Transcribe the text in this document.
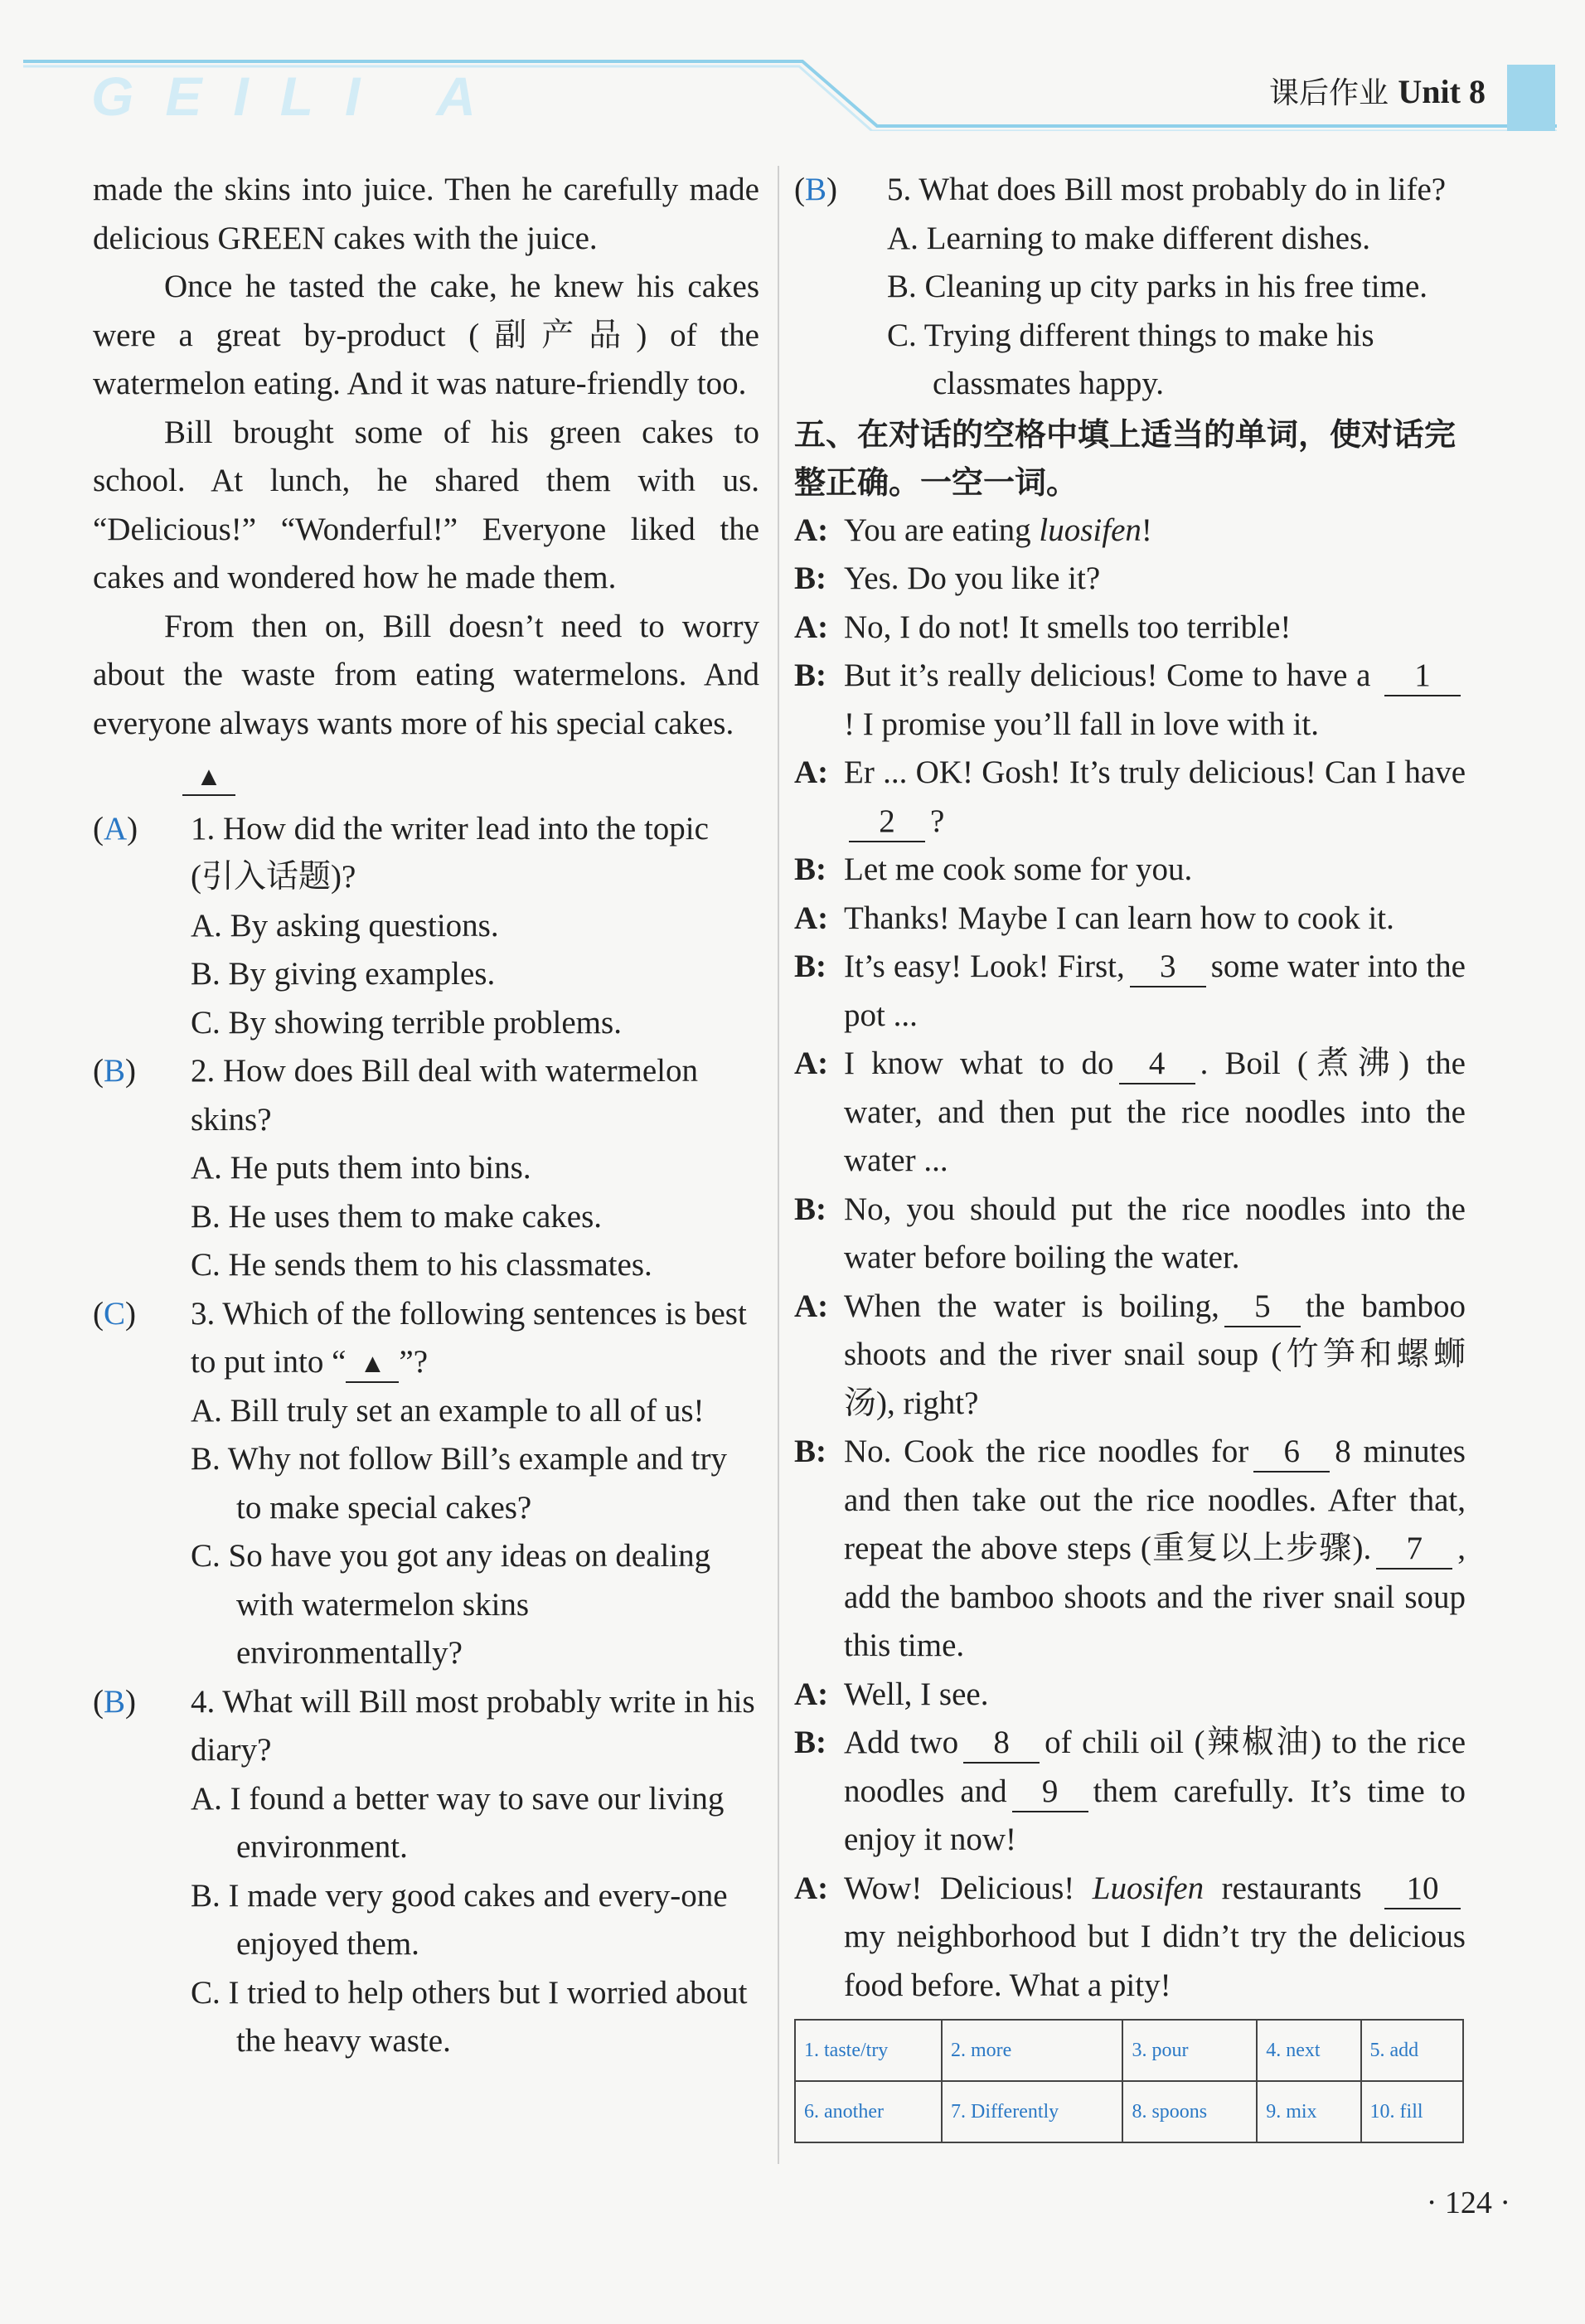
GEILI A	课后作业 Unit 8

made the skins into juice. Then he carefully made delicious GREEN cakes with the juice.

Once he tasted the cake, he knew his cakes were a great by-product (副产品) of the watermelon eating. And it was nature-friendly too.

Bill brought some of his green cakes to school. At lunch, he shared them with us. “Delicious!” “Wonderful!” Everyone liked the cakes and wondered how he made them.

From then on, Bill doesn’t need to worry about the waste from eating watermelons. And everyone always wants more of his special cakes.

▲
(A) 1. How did the writer lead into the topic (引入话题)?
A. By asking questions.
B. By giving examples.
C. By showing terrible problems.
(B) 2. How does Bill deal with watermelon skins?
A. He puts them into bins.
B. He uses them to make cakes.
C. He sends them to his classmates.
(C) 3. Which of the following sentences is best to put into “ ▲ ”?
A. Bill truly set an example to all of us!
B. Why not follow Bill’s example and try to make special cakes?
C. So have you got any ideas on dealing with watermelon skins environmentally?
(B) 4. What will Bill most probably write in his diary?
A. I found a better way to save our living environment.
B. I made very good cakes and every-one enjoyed them.
C. I tried to help others but I worried about the heavy waste.
(B) 5. What does Bill most probably do in life?
A. Learning to make different dishes.
B. Cleaning up city parks in his free time.
C. Trying different things to make his classmates happy.
五、在对话的空格中填上适当的单词，使对话完整正确。一空一词。

A: You are eating luosifen!

B: Yes. Do you like it?

A: No, I do not! It smells too terrible!

B: But it’s really delicious! Come to have a 1! I promise you’ll fall in love with it.

A: Er ... OK! Gosh! It’s truly delicious! Can I have2 ?

B: Let me cook some for you.

A: Thanks! Maybe I can learn how to cook it.

B: It’s easy! Look! First, 3 some water into the pot ...

A: I know what to do 4 . Boil (煮沸) the water, and then put the rice noodles into the water ...

B: No, you should put the rice noodles into the water before boiling the water.

A: When the water is boiling, 5 the bamboo shoots and the river snail soup (竹笋和螺蛳汤), right?

B: No. Cook the rice noodles for 6 8 minutes and then take out the rice noodles. After that, repeat the above steps (重复以上步骤). 7 , add the bamboo shoots and the river snail soup this time.

A: Well, I see.

B: Add two 8 of chili oil (辣椒油) to the rice noodles and 9 them carefully. It’s time to enjoy it now!

A: Wow! Delicious! Luosifen restaurants 10my neighborhood but I didn’t try the delicious food before. What a pity!

1. taste/try	2. more	3. pour	4. next	5. add
6. another	7. Differently	8. spoons	9. mix	10. fill
· 124 ·
